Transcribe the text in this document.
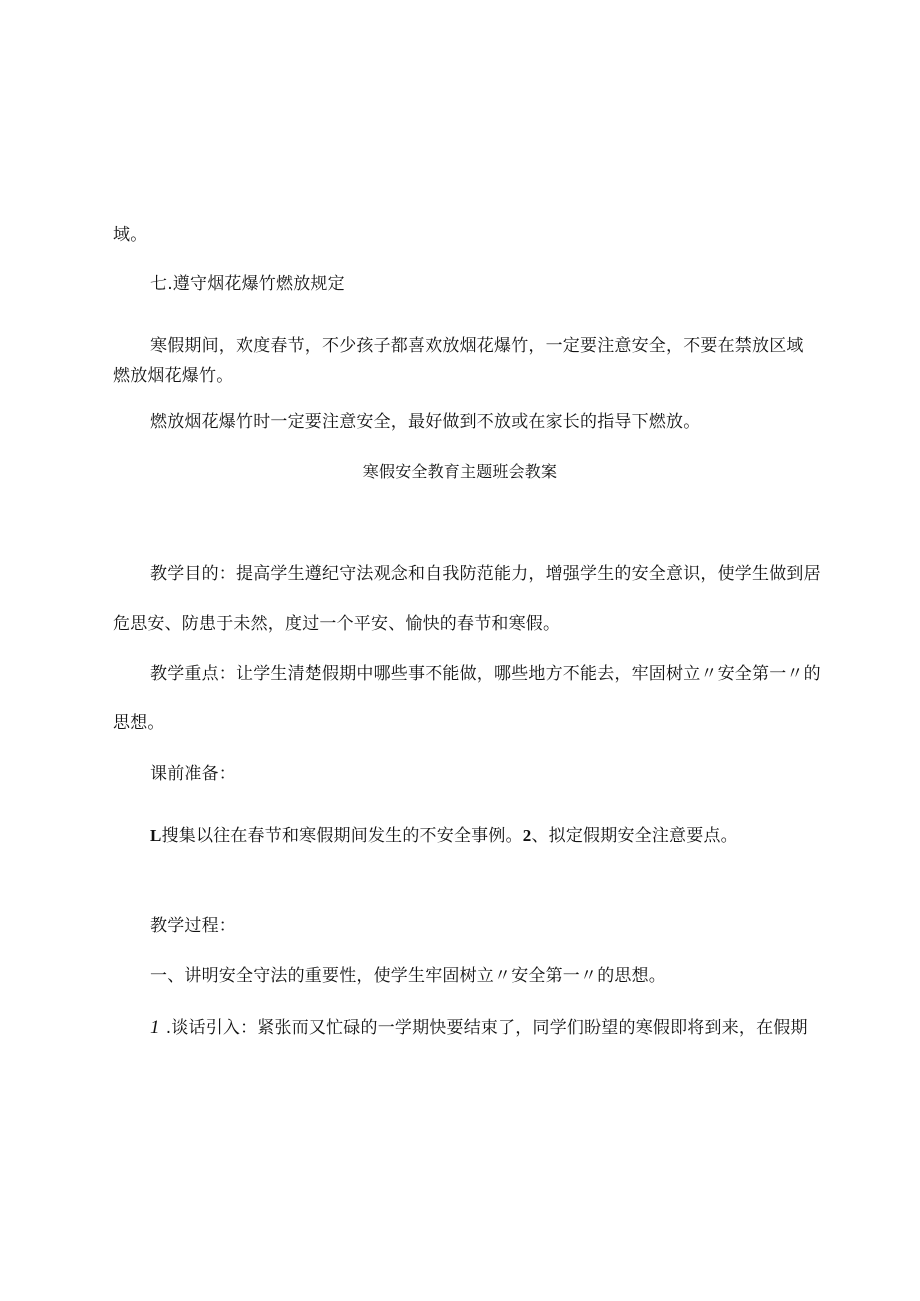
域。

七.遵守烟花爆竹燃放规定

寒假期间，欢度春节，不少孩子都喜欢放烟花爆竹，一定要注意安全，不要在禁放区域

燃放烟花爆竹。

燃放烟花爆竹时一定要注意安全，最好做到不放或在家长的指导下燃放。

寒假安全教育主题班会教案

教学目的：提高学生遵纪守法观念和自我防范能力，增强学生的安全意识，使学生做到居

危思安、防患于未然，度过一个平安、愉快的春节和寒假。

教学重点：让学生清楚假期中哪些事不能做，哪些地方不能去，牢固树立〃安全第一〃的

思想。

课前准备：

L搜集以往在春节和寒假期间发生的不安全事例。2、拟定假期安全注意要点。

教学过程：

一、讲明安全守法的重要性，使学生牢固树立〃安全第一〃的思想。

1 .谈话引入：紧张而又忙碌的一学期快要结束了，同学们盼望的寒假即将到来，在假期
